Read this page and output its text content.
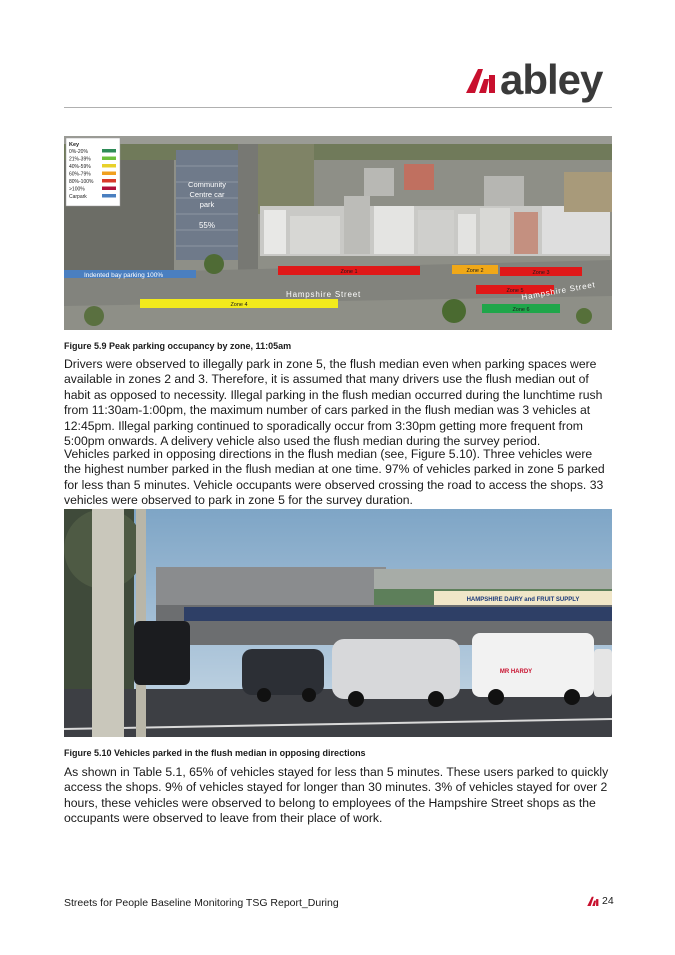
abley
Community
Centre car
park
55%
Indented bay parking 100%	Zone 1	Zone 2	Zone 3
Zone 4
Zone 5
Zone 6
Hampshire Street	Hampshire Street
Key
0%-20%
21%-39%
40%-59%
60%-79%
80%-100%
>100%
Carpark
Figure 5.9 Peak parking occupancy by zone, 11:05am

Drivers were observed to illegally park in zone 5, the flush median even when parking spaces were available in zones 2 and 3. Therefore, it is assumed that many drivers use the flush median out of habit as opposed to necessity. Illegal parking in the flush median occurred during the lunchtime rush from 11:30am-1:00pm, the maximum number of cars parked in the flush median was 3 vehicles at 12:45pm. Illegal parking continued to sporadically occur from 3:30pm getting more frequent from 5:00pm onwards. A delivery vehicle also used the flush median during the survey period.

Vehicles parked in opposing directions in the flush median (see, Figure 5.10). Three vehicles were the highest number parked in the flush median at one time. 97% of vehicles parked in zone 5 parked for less than 5 minutes. Vehicle occupants were observed crossing the road to access the shops. 33 vehicles were observed to park in zone 5 for the survey duration.

HAMPSHIRE DAIRY and FRUIT SUPPLY
MR HARDY
Figure 5.10 Vehicles parked in the flush median in opposing directions

As shown in Table 5.1, 65% of vehicles stayed for less than 5 minutes. These users parked to quickly access the shops. 9% of vehicles stayed for longer than 30 minutes. 3% of vehicles stayed for over 2 hours, these vehicles were observed to belong to employees of the Hampshire Street shops as the occupants were observed to leave from their place of work.

Streets for People Baseline Monitoring TSG Report_During	24
